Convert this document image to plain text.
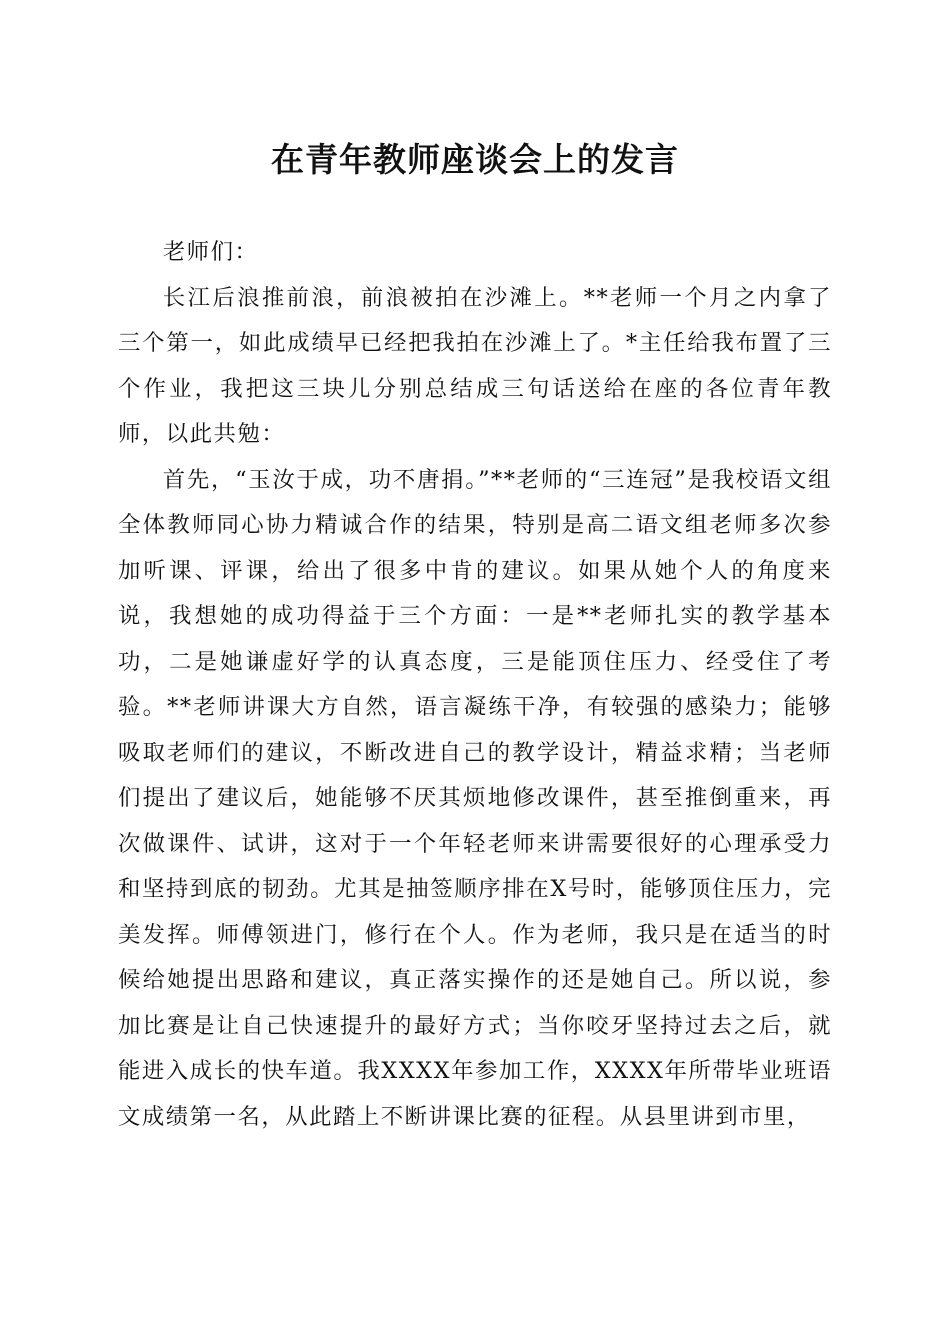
在青年教师座谈会上的发言

老师们：

长江后浪推前浪，前浪被拍在沙滩上。**老师一个月之内拿了三个第一，如此成绩早已经把我拍在沙滩上了。*主任给我布置了三个作业，我把这三块儿分别总结成三句话送给在座的各位青年教师，以此共勉：

首先，“玉汝于成，功不唐捐。”**老师的“三连冠”是我校语文组全体教师同心协力精诚合作的结果，特别是高二语文组老师多次参加听课、评课，给出了很多中肯的建议。如果从她个人的角度来说，我想她的成功得益于三个方面：一是**老师扎实的教学基本功，二是她谦虚好学的认真态度，三是能顶住压力、经受住了考验。**老师讲课大方自然，语言凝练干净，有较强的感染力；能够吸取老师们的建议，不断改进自己的教学设计，精益求精；当老师们提出了建议后，她能够不厌其烦地修改课件，甚至推倒重来，再次做课件、试讲，这对于一个年轻老师来讲需要很好的心理承受力和坚持到底的韧劲。尤其是抽签顺序排在X号时，能够顶住压力，完美发挥。师傅领进门，修行在个人。作为老师，我只是在适当的时候给她提出思路和建议，真正落实操作的还是她自己。所以说，参加比赛是让自己快速提升的最好方式；当你咬牙坚持过去之后，就能进入成长的快车道。我XXXX年参加工作，XXXX年所带毕业班语文成绩第一名，从此踏上不断讲课比赛的征程。从县里讲到市里，
